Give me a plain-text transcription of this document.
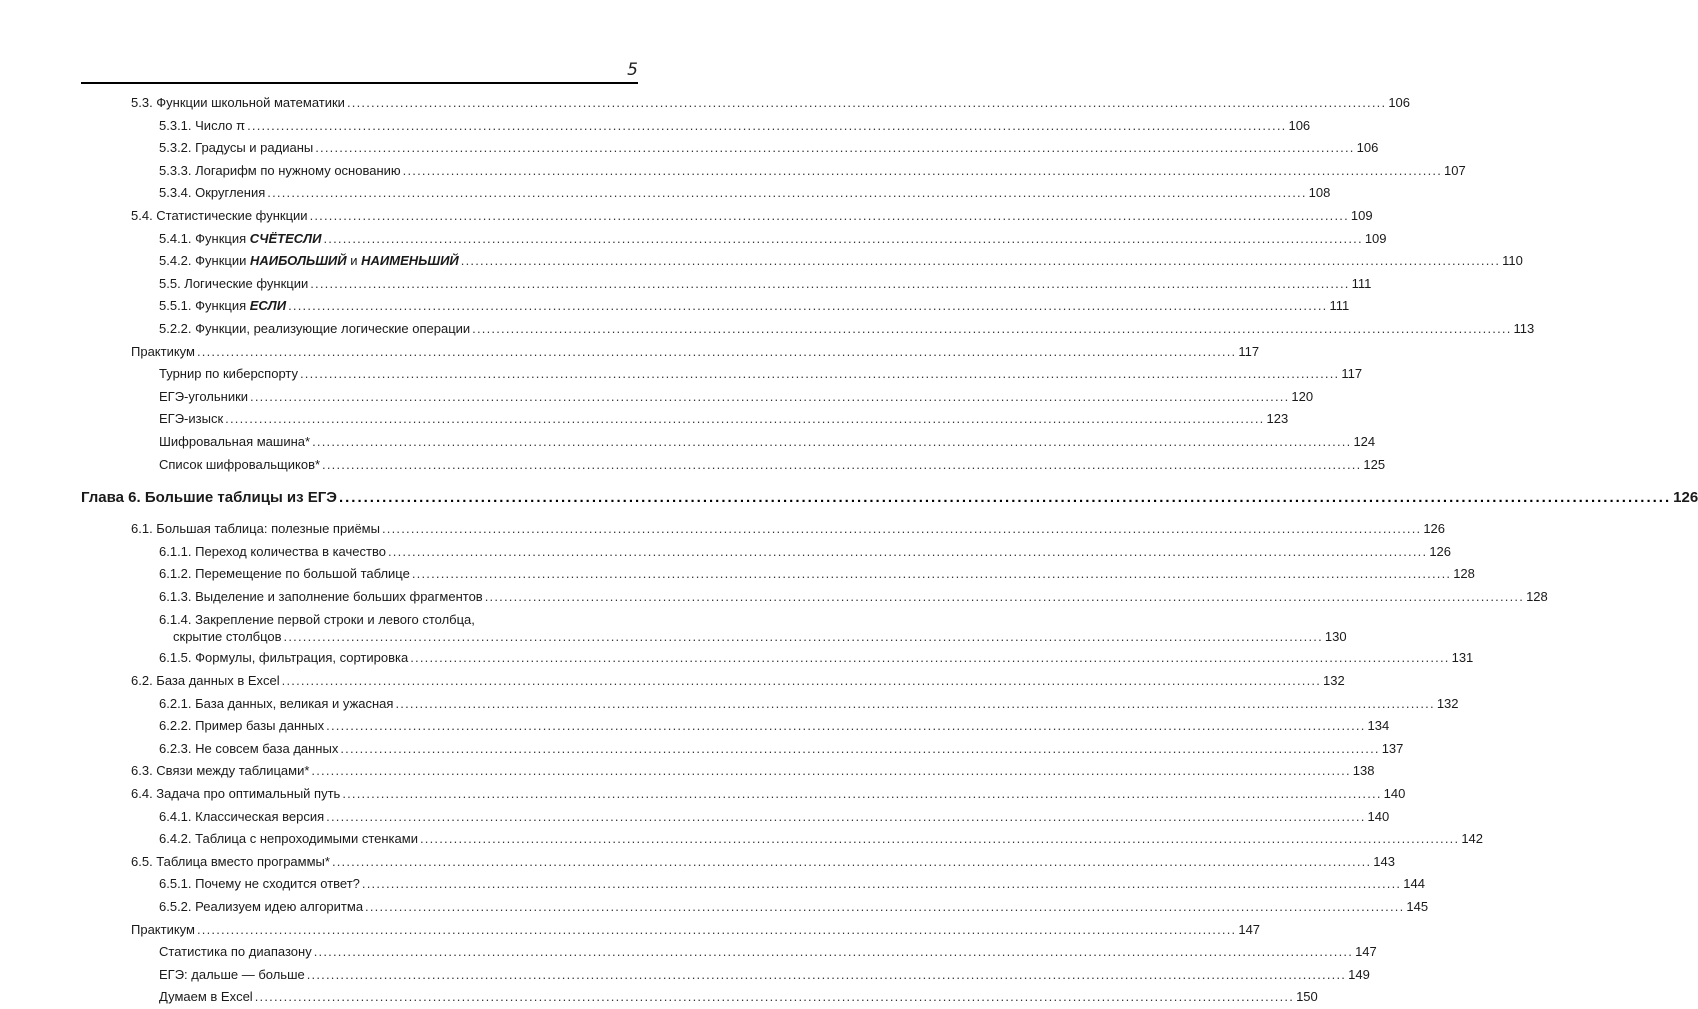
5
5.3. Функции школьной математики .....	106
5.3.1. Число π .....	106
5.3.2. Градусы и радианы .....	106
5.3.3. Логарифм по нужному основанию .....	107
5.3.4. Округления .....	108
5.4. Статистические функции .....	109
5.4.1. Функция СЧЁТЕСЛИ .....	109
5.4.2. Функции НАИБОЛЬШИЙ и НАИМЕНЬШИЙ .....	110
5.5. Логические функции .....	111
5.5.1. Функция ЕСЛИ .....	111
5.2.2. Функции, реализующие логические операции .....	113
Практикум .....	117
Турнир по киберспорту .....	117
ЕГЭ-угольники .....	120
ЕГЭ-изыск .....	123
Шифровальная машина* .....	124
Список шифровальщиков* .....	125
Глава 6. Большие таблицы из ЕГЭ .....	126
6.1. Большая таблица: полезные приёмы .....	126
6.1.1. Переход количества в качество .....	126
6.1.2. Перемещение по большой таблице .....	128
6.1.3. Выделение и заполнение больших фрагментов .....	128
6.1.4. Закрепление первой строки и левого столбца,
скрытие столбцов .....	130
6.1.5. Формулы, фильтрация, сортировка .....	131
6.2. База данных в Excel .....	132
6.2.1. База данных, великая и ужасная .....	132
6.2.2. Пример базы данных .....	134
6.2.3. Не совсем база данных .....	137
6.3. Связи между таблицами* .....	138
6.4. Задача про оптимальный путь .....	140
6.4.1. Классическая версия .....	140
6.4.2. Таблица с непроходимыми стенками .....	142
6.5. Таблица вместо программы* .....	143
6.5.1. Почему не сходится ответ? .....	144
6.5.2. Реализуем идею алгоритма .....	145
Практикум .....	147
Статистика по диапазону .....	147
ЕГЭ: дальше — больше .....	149
Думаем в Excel .....	150
